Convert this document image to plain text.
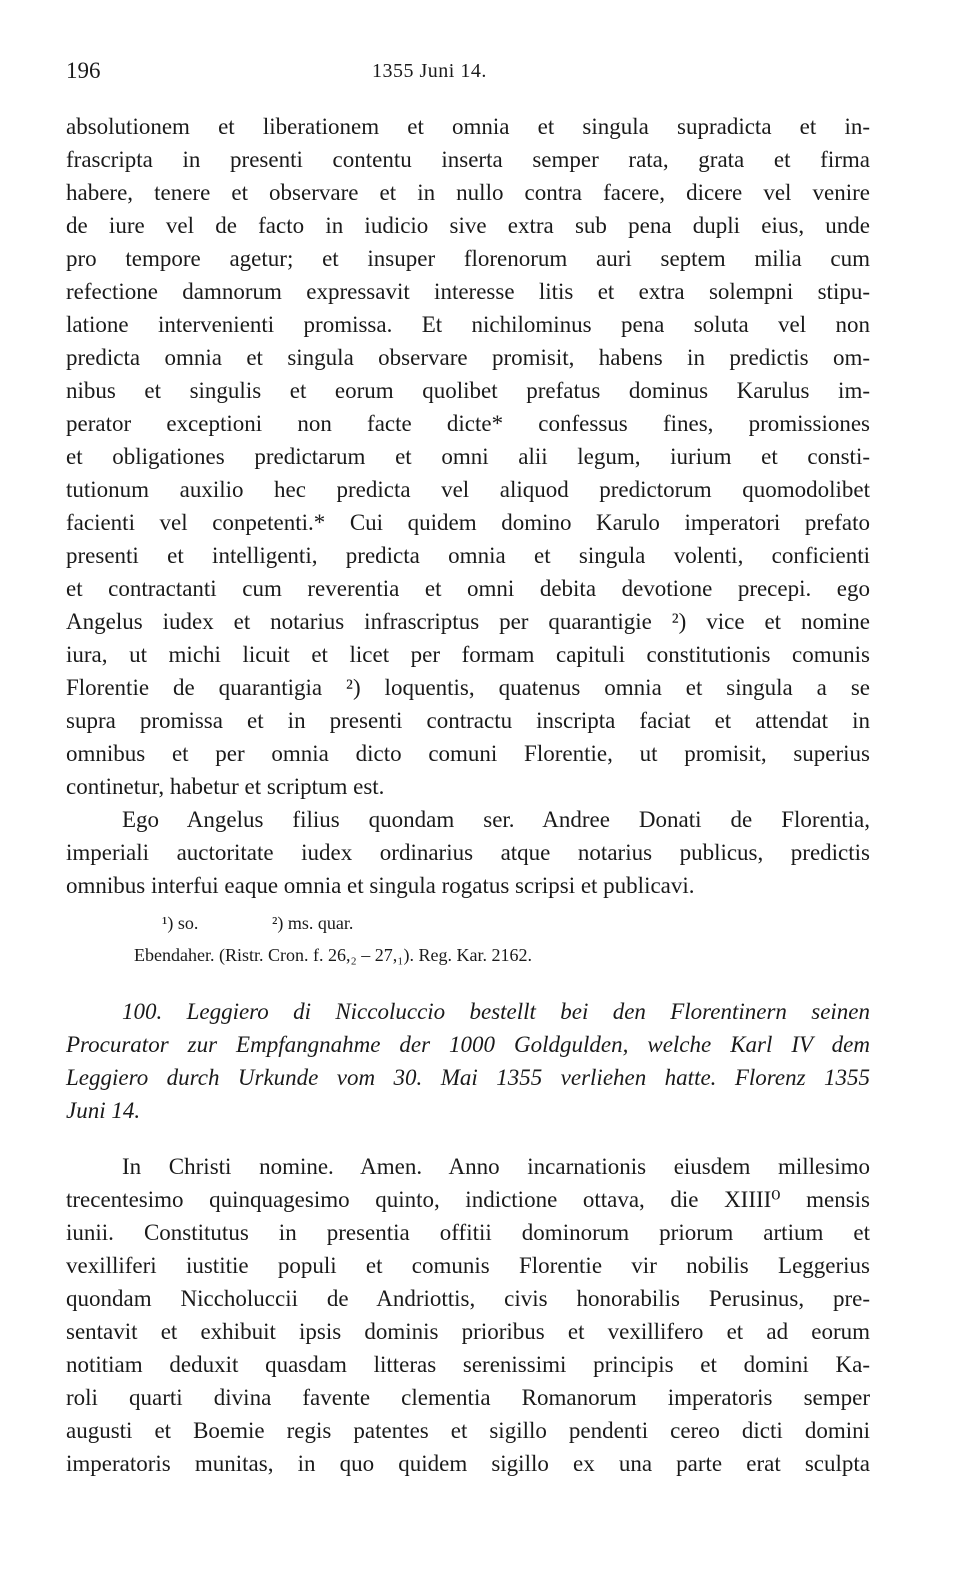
196	1355 Juni 14.
absolutionem et liberationem et omnia et singula supradicta et in-
frascripta in presenti contentu inserta semper rata, grata et firma
habere, tenere et observare et in nullo contra facere, dicere vel venire
de iure vel de facto in iudicio sive extra sub pena dupli eius, unde
pro tempore agetur; et insuper florenorum auri septem milia cum
refectione damnorum expressavit interesse litis et extra solempni stipu-
latione intervenienti promissa. Et nichilominus pena soluta vel non
predicta omnia et singula observare promisit, habens in predictis om-
nibus et singulis et eorum quolibet prefatus dominus Karulus im-
perator exceptioni non facte dicte* confessus fines, promissiones
et obligationes predictarum et omni alii legum, iurium et consti-
tutionum auxilio hec predicta vel aliquod predictorum quomodolibet
facienti vel conpetenti.* Cui quidem domino Karulo imperatori prefato
presenti et intelligenti, predicta omnia et singula volenti, conficienti
et contractanti cum reverentia et omni debita devotione precepi. ego
Angelus iudex et notarius infrascriptus per quarantigie ²) vice et nomine
iura, ut michi licuit et licet per formam capituli constitutionis comunis
Florentie de quarantigia ²) loquentis, quatenus omnia et singula a se
supra promissa et in presenti contractu inscripta faciat et attendat in
omnibus et per omnia dicto comuni Florentie, ut promisit, superius
continetur, habetur et scriptum est.
Ego Angelus filius quondam ser. Andree Donati de Florentia,
imperiali auctoritate iudex ordinarius atque notarius publicus, predictis
omnibus interfui eaque omnia et singula rogatus scripsi et publicavi.
¹) so.	²) ms. quar.
Ebendaher. (Ristr. Cron. f. 26,₂ – 27,₁). Reg. Kar. 2162.
100. Leggiero di Niccoluccio bestellt bei den Florentinern seinen
Procurator zur Empfangnahme der 1000 Goldgulden, welche Karl IV dem
Leggiero durch Urkunde vom 30. Mai 1355 verliehen hatte. Florenz 1355
Juni 14.
In Christi nomine. Amen. Anno incarnationis eiusdem millesimo
trecentesimo quinquagesimo quinto, indictione ottava, die XIIII⁰ mensis
iunii. Constitutus in presentia offitii dominorum priorum artium et
vexilliferi iustitie populi et comunis Florentie vir nobilis Leggerius
quondam Niccholuccii de Andriottis, civis honorabilis Perusinus, pre-
sentavit et exhibuit ipsis dominis prioribus et vexillifero et ad eorum
notitiam deduxit quasdam litteras serenissimi principis et domini Ka-
roli quarti divina favente clementia Romanorum imperatoris semper
augusti et Boemie regis patentes et sigillo pendenti cereo dicti domini
imperatoris munitas, in quo quidem sigillo ex una parte erat sculpta
